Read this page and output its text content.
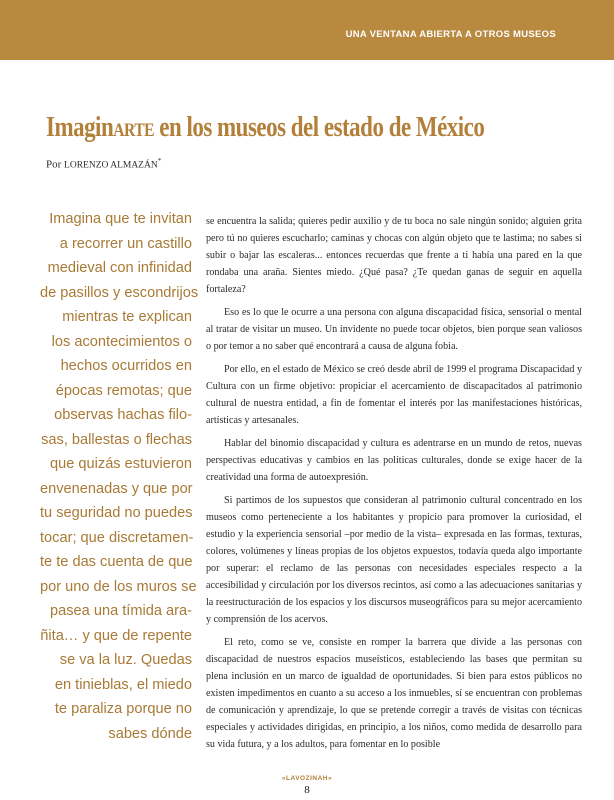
UNA VENTANA ABIERTA A OTROS MUSEOS
ImaginARTE en los museos del estado de México
Por LORENZO ALMAZÁN*
Imagina que te invitan
a recorrer un castillo
medieval con infinidad
de pasillos y escondrijos
mientras te explican
los acontecimientos o
hechos ocurridos en
épocas remotas; que
observas hachas filo-
sas, ballestas o flechas
que quizás estuvieron
envenenadas y que por
tu seguridad no puedes
tocar; que discretamen-
te te das cuenta de que
por uno de los muros se
pasea una tímida ara-
ñita… y que de repente
se va la luz. Quedas
en tinieblas, el miedo
te paraliza porque no
sabes dónde

se encuentra la salida; quieres pedir auxilio y de tu boca no sale ningún sonido; alguien grita pero tú no quieres escucharlo; caminas y chocas con algún objeto que te lastima; no sabes si subir o bajar las escaleras... entonces recuerdas que frente a ti había una pared en la que rondaba una araña. Sientes miedo. ¿Qué pasa? ¿Te quedan ganas de seguir en aquella fortaleza?

Eso es lo que le ocurre a una persona con alguna discapacidad física, sensorial o mental al tratar de visitar un museo. Un invidente no puede tocar objetos, bien porque sean valiosos o por temor a no saber qué encontrará a causa de alguna fobia.

Por ello, en el estado de México se creó desde abril de 1999 el programa Discapacidad y Cultura con un firme objetivo: propiciar el acercamiento de discapacitados al patrimonio cultural de nuestra entidad, a fin de fomentar el interés por las manifestaciones históricas, artísticas y artesanales.

Hablar del binomio discapacidad y cultura es adentrarse en un mundo de retos, nuevas perspectivas educativas y cambios en las políticas culturales, donde se exige hacer de la creatividad una forma de autoexpresión.

Si partimos de los supuestos que consideran al patrimonio cultural concentrado en los museos como perteneciente a los habitantes y propicio para promover la curiosidad, el estudio y la experiencia sensorial –por medio de la vista– expresada en las formas, texturas, colores, volúmenes y líneas propias de los objetos expuestos, todavía queda algo importante por superar: el reclamo de las personas con necesidades especiales respecto a la accesibilidad y circulación por los diversos recintos, así como a las adecuaciones sanitarias y la reestructuración de los espacios y los discursos museográficos para su mejor acercamiento y comprensión de los acervos.

El reto, como se ve, consiste en romper la barrera que divide a las personas con discapacidad de nuestros espacios museísticos, estableciendo las bases que permitan su plena inclusión en un marco de igualdad de oportunidades. Si bien para estos públicos no existen impedimentos en cuanto a su acceso a los inmuebles, sí se encuentran con problemas de comunicación y aprendizaje, lo que se pretende corregir a través de visitas con técnicas especiales y actividades dirigidas, en principio, a los niños, como medida de desarrollo para su vida futura, y a los adultos, para fomentar en lo posible

«LAVOZINAH»
8
